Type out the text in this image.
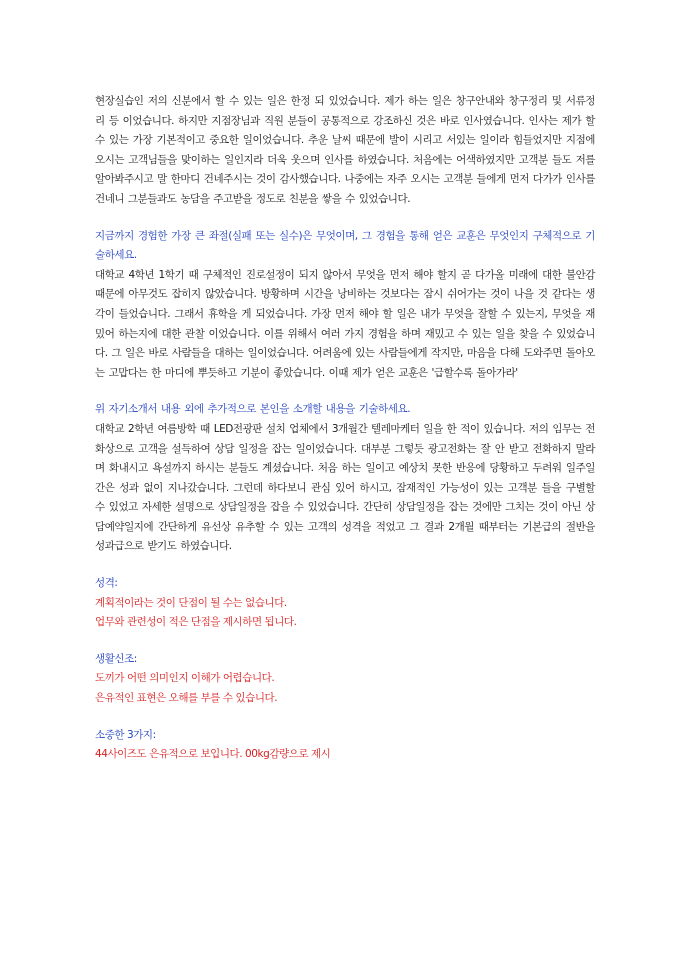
현장실습인 저의 신분에서 할 수 있는 일은 한정 되 있었습니다. 제가 하는 일은 창구안내와 창구정리 및 서류정리 등 이었습니다. 하지만 지점장님과 직원 분들이 공통적으로 강조하신 것은 바로 인사였습니다. 인사는 제가 할 수 있는 가장 기본적이고 중요한 일이었습니다. 추운 날씨 때문에 발이 시리고 서있는 일이라 힘들었지만 지점에 오시는 고객님들을 맞이하는 일인지라 더욱 웃으며 인사를 하였습니다. 처음에는 어색하였지만 고객분 들도 저를 알아봐주시고 말 한마디 건네주시는 것이 감사했습니다. 나중에는 자주 오시는 고객분 들에게 먼저 다가가 인사를 건네니 그분들과도 농담을 주고받을 정도로 친분을 쌓을 수 있었습니다.

지금까지 경험한 가장 큰 좌절(실패 또는 실수)은 무엇이며, 그 경험을 통해 얻은 교훈은 무엇인지 구체적으로 기술하세요.

대학교 4학년 1학기 때 구체적인 진로설정이 되지 않아서 무엇을 먼저 해야 할지 곧 다가올 미래에 대한 불안감 때문에 아무것도 잡히지 않았습니다. 방황하며 시간을 낭비하는 것보다는 잠시 쉬어가는 것이 나을 것 같다는 생각이 들었습니다. 그래서 휴학을 게 되었습니다. 가장 먼저 해야 할 일은 내가 무엇을 잘할 수 있는지, 무엇을 재밌어 하는지에 대한 관찰 이었습니다. 이를 위해서 여러 가지 경험을 하며 재밌고 수 있는 일을 찾을 수 있었습니다. 그 일은 바로 사람들을 대하는 일이었습니다. 어려움에 있는 사람들에게 작지만, 마음을 다해 도와주면 돌아오는 고맙다는 한 마디에 뿌듯하고 기분이 좋았습니다. 이때 제가 얻은 교훈은 '급할수록 돌아가라'

위 자기소개서 내용 외에 추가적으로 본인을 소개할 내용을 기술하세요.

대학교 2학년 여름방학 때 LED전광판 설치 업체에서 3개월간 텔레마케터 일을 한 적이 있습니다. 저의 임무는 전화상으로 고객을 설득하여 상담 일정을 잡는 일이었습니다. 대부분 그렇듯 광고전화는 잘 안 받고 전화하지 말라며 화내시고 욕설까지 하시는 분들도 계셨습니다. 처음 하는 일이고 예상치 못한 반응에 당황하고 두려워 일주일간은 성과 없이 지나갔습니다. 그런데 하다보니 관심 있어 하시고, 잠재적인 가능성이 있는 고객분 들을 구별할 수 있었고 자세한 설명으로 상담일정을 잡을 수 있었습니다. 간단히 상담일정을 잡는 것에만 그치는 것이 아닌 상담예약일지에 간단하게 유선상 유추할 수 있는 고객의 성격을 적었고 그 결과 2개월 때부터는 기본급의 절반을 성과급으로 받기도 하였습니다.

성격:

계획적이라는 것이 단점이 될 수는 없습니다.

업무와 관련성이 적은 단점을 제시하면 됩니다.

생활신조:

도끼가 어떤 의미인지 이해가 어렵습니다.

은유적인 표현은 오해를 부를 수 있습니다.

소중한 3가지:

44사이즈도 은유적으로 보입니다. 00kg감량으로 제시
